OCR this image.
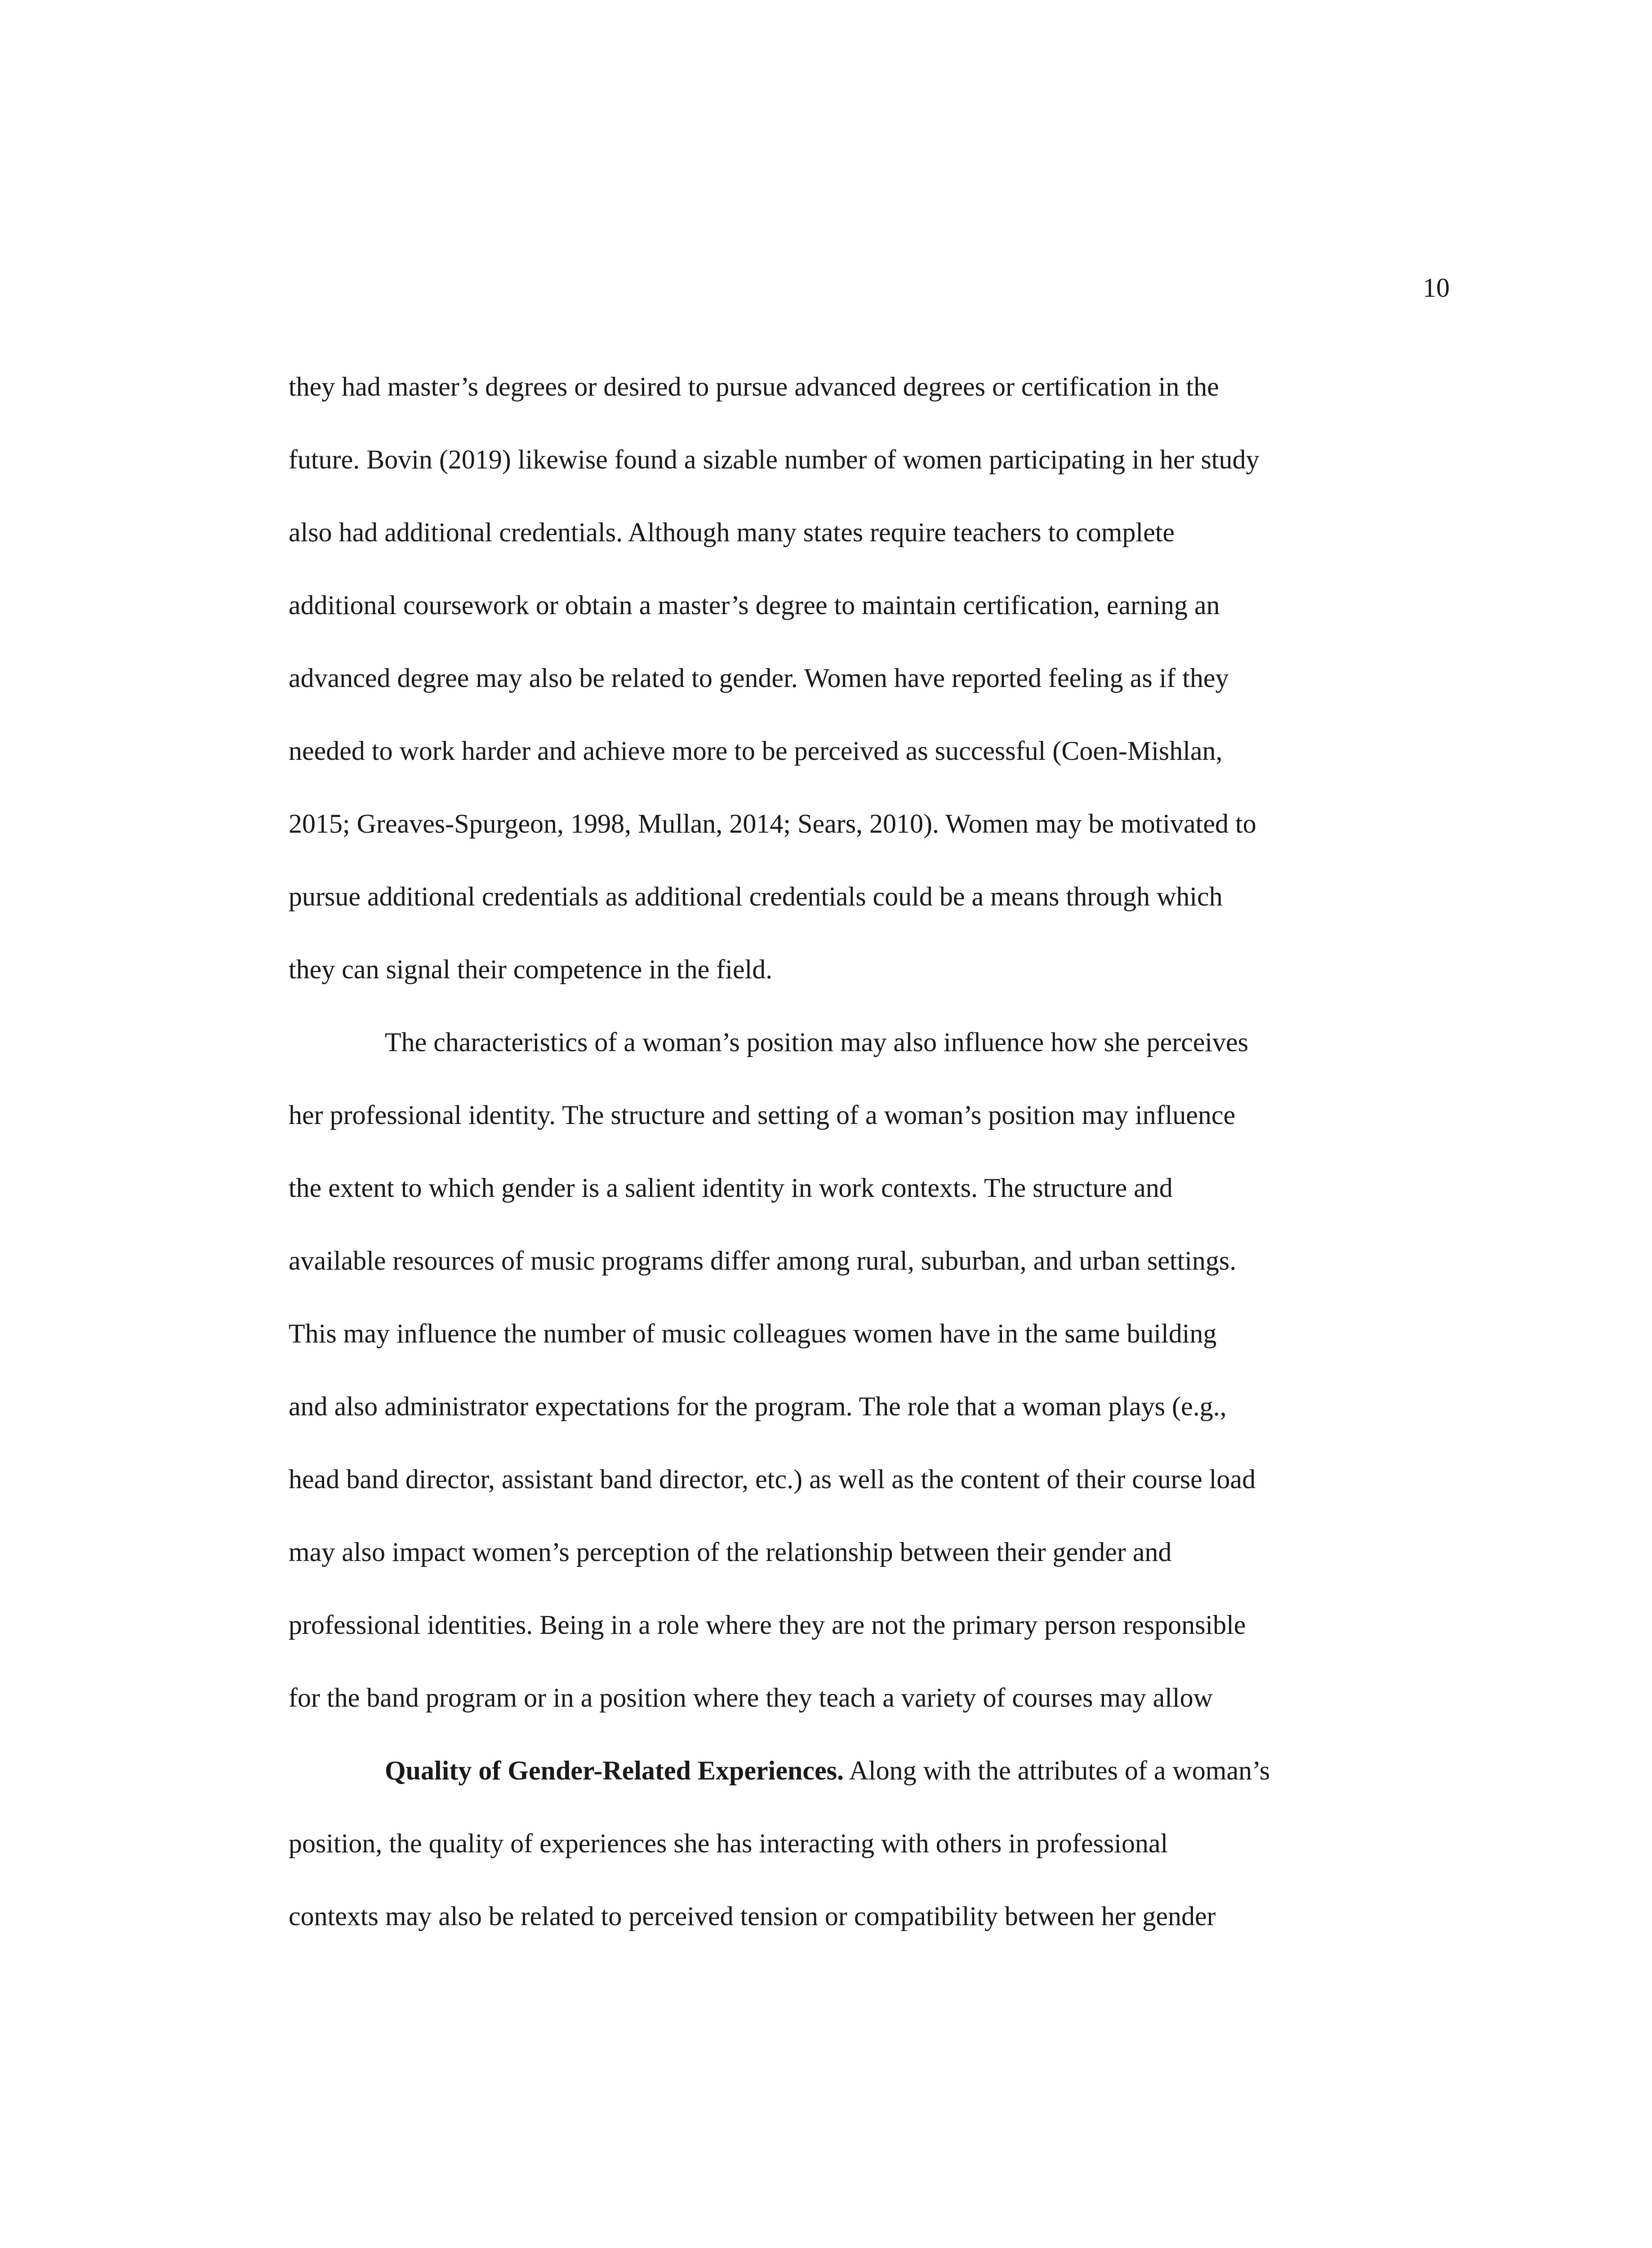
10
they had master’s degrees or desired to pursue advanced degrees or certification in the
future. Bovin (2019) likewise found a sizable number of women participating in her study
also had additional credentials. Although many states require teachers to complete
additional coursework or obtain a master’s degree to maintain certification, earning an
advanced degree may also be related to gender. Women have reported feeling as if they
needed to work harder and achieve more to be perceived as successful (Coen-Mishlan,
2015; Greaves-Spurgeon, 1998, Mullan, 2014; Sears, 2010). Women may be motivated to
pursue additional credentials as additional credentials could be a means through which
they can signal their competence in the field.
The characteristics of a woman’s position may also influence how she perceives
her professional identity. The structure and setting of a woman’s position may influence
the extent to which gender is a salient identity in work contexts. The structure and
available resources of music programs differ among rural, suburban, and urban settings.
This may influence the number of music colleagues women have in the same building
and also administrator expectations for the program. The role that a woman plays (e.g.,
head band director, assistant band director, etc.) as well as the content of their course load
may also impact women’s perception of the relationship between their gender and
professional identities. Being in a role where they are not the primary person responsible
for the band program or in a position where they teach a variety of courses may allow
Quality of Gender-Related Experiences. Along with the attributes of a woman’s
position, the quality of experiences she has interacting with others in professional
contexts may also be related to perceived tension or compatibility between her gender
